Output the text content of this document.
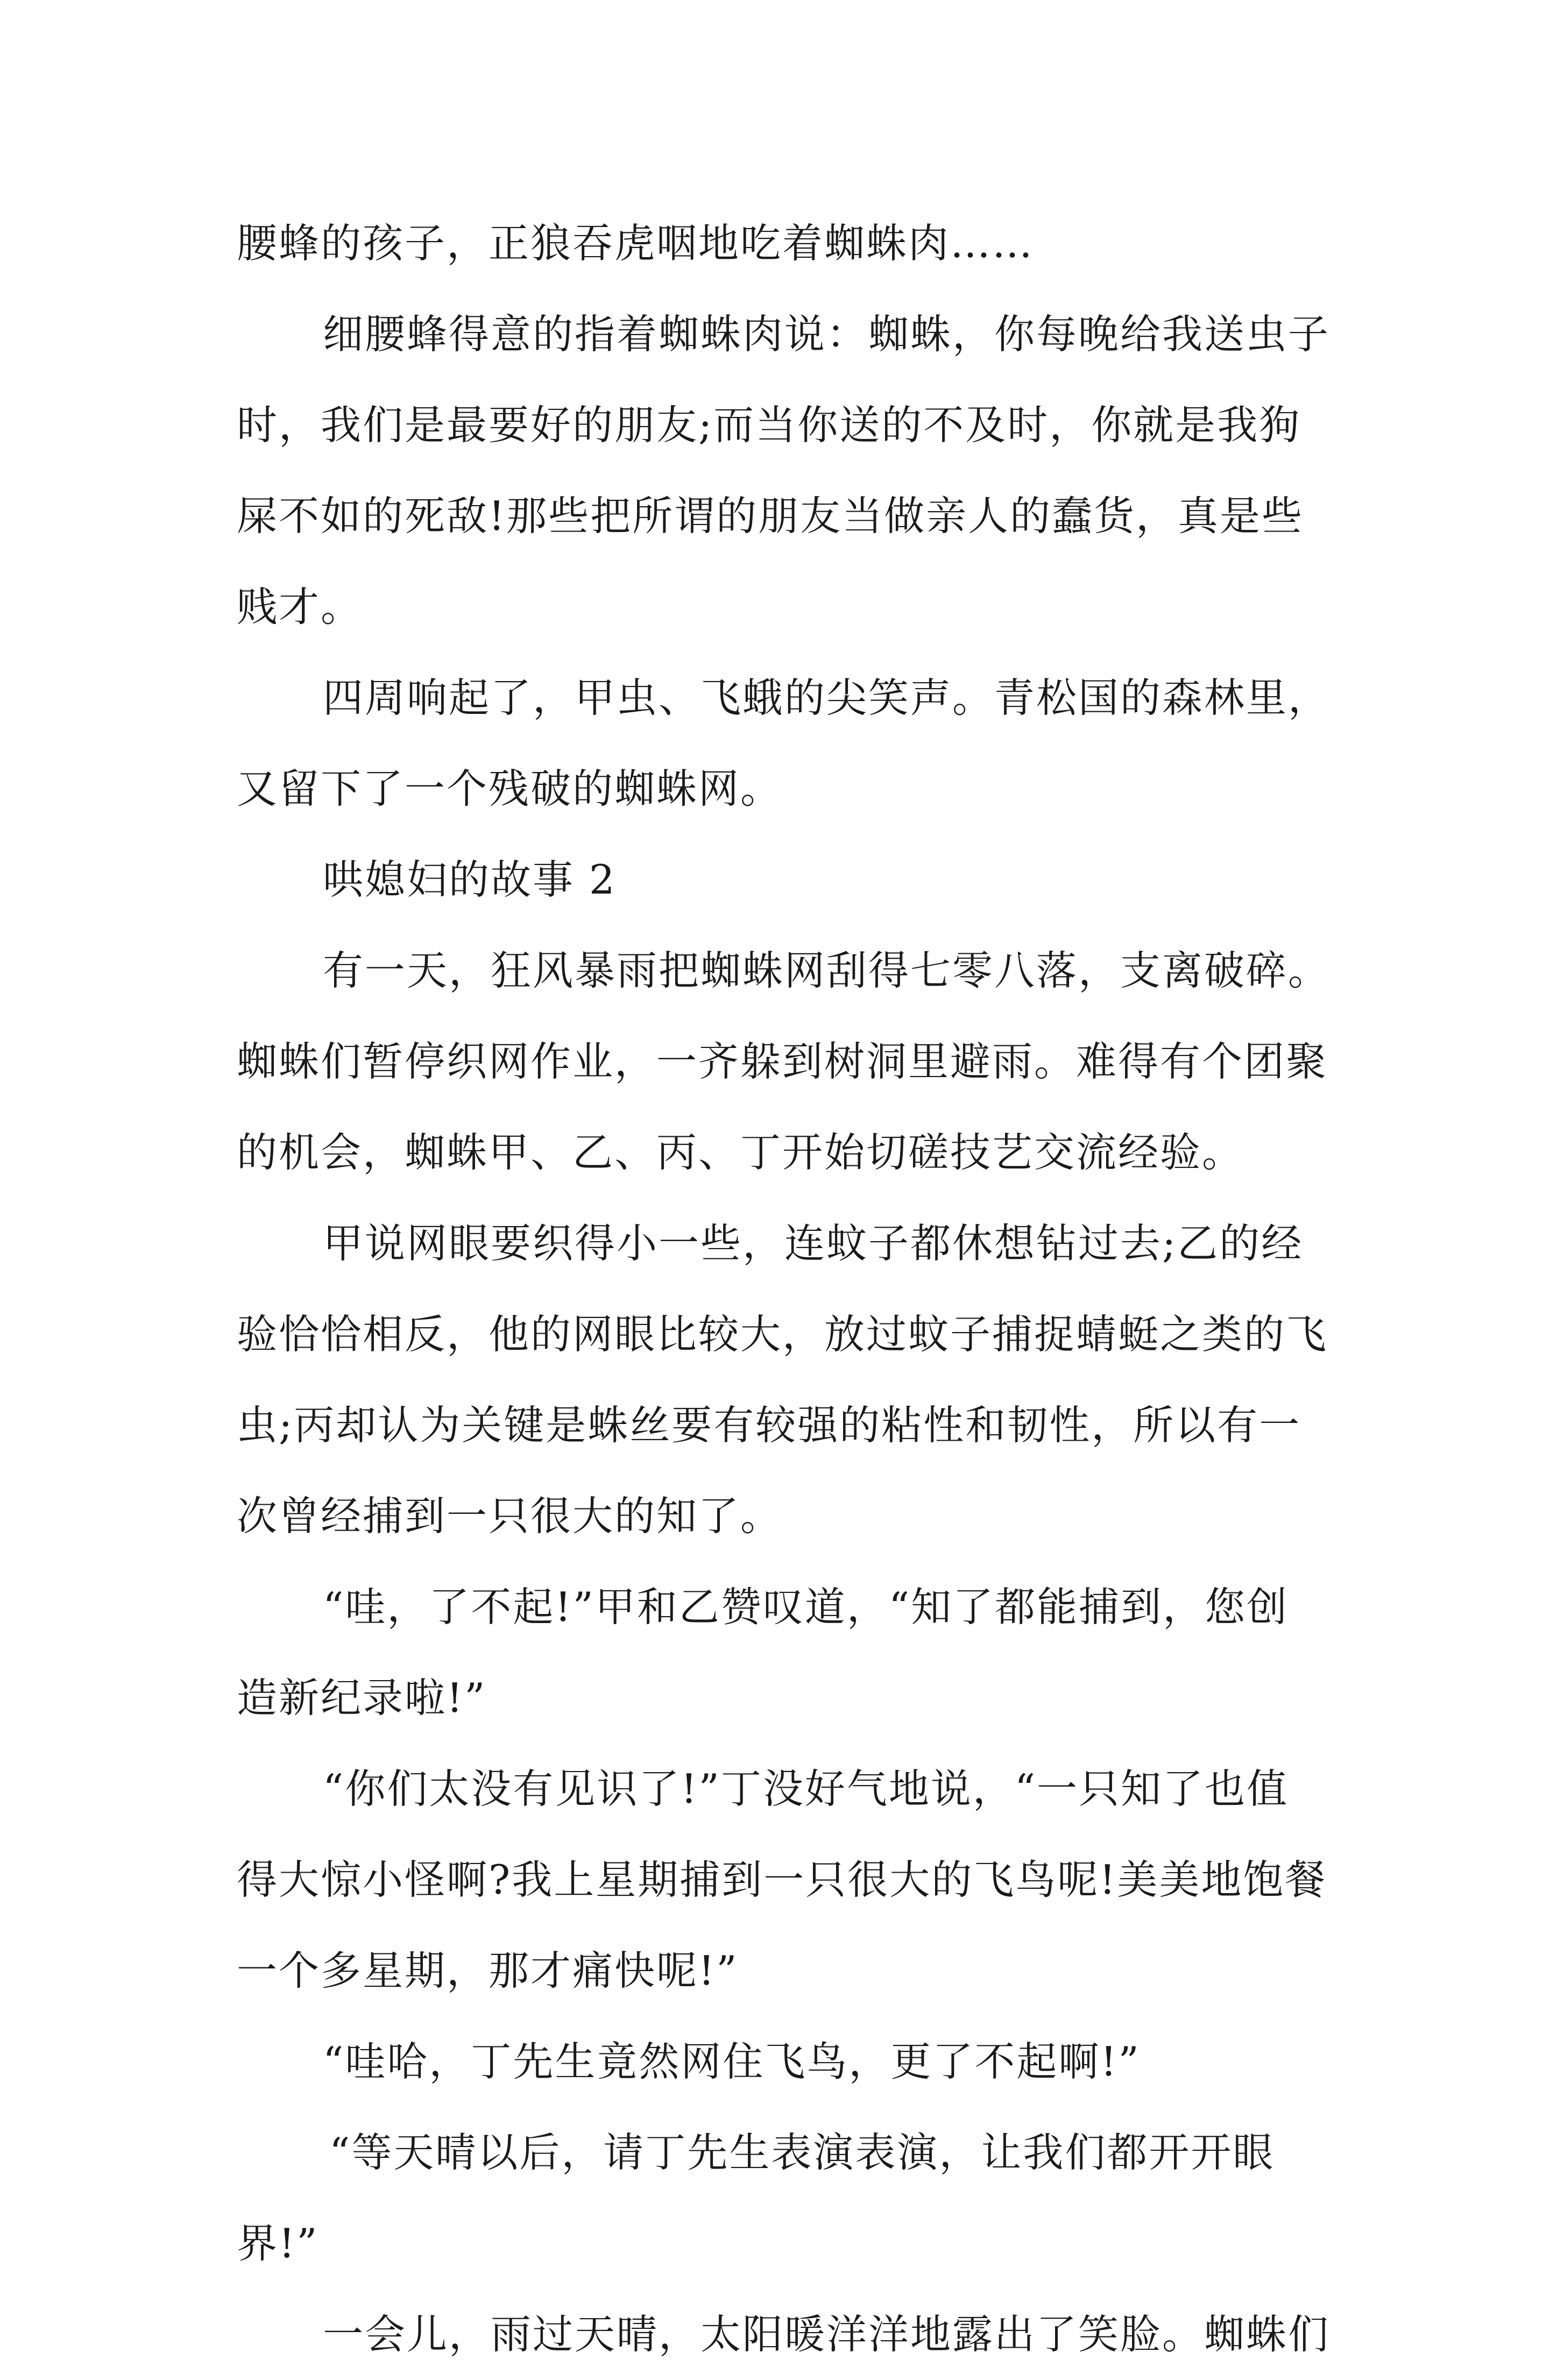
腰蜂的孩子，正狼吞虎咽地吃着蜘蛛肉……
细腰蜂得意的指着蜘蛛肉说：蜘蛛，你每晚给我送虫子
时，我们是最要好的朋友;而当你送的不及时，你就是我狗
屎不如的死敌!那些把所谓的朋友当做亲人的蠢货，真是些
贱才。
四周响起了，甲虫、飞蛾的尖笑声。青松国的森林里，
又留下了一个残破的蜘蛛网。
哄媳妇的故事 2
有一天，狂风暴雨把蜘蛛网刮得七零八落，支离破碎。
蜘蛛们暂停织网作业，一齐躲到树洞里避雨。难得有个团聚
的机会，蜘蛛甲、乙、丙、丁开始切磋技艺交流经验。
甲说网眼要织得小一些，连蚊子都休想钻过去;乙的经
验恰恰相反，他的网眼比较大，放过蚊子捕捉蜻蜓之类的飞
虫;丙却认为关键是蛛丝要有较强的粘性和韧性，所以有一
次曾经捕到一只很大的知了。
“哇，了不起!”甲和乙赞叹道，“知了都能捕到，您创
造新纪录啦!”
“你们太没有见识了!”丁没好气地说，“一只知了也值
得大惊小怪啊?我上星期捕到一只很大的飞鸟呢!美美地饱餐
一个多星期，那才痛快呢!”
“哇哈，丁先生竟然网住飞鸟，更了不起啊!”
“等天晴以后，请丁先生表演表演，让我们都开开眼
界!”
一会儿，雨过天晴，太阳暖洋洋地露出了笑脸。蜘蛛们
